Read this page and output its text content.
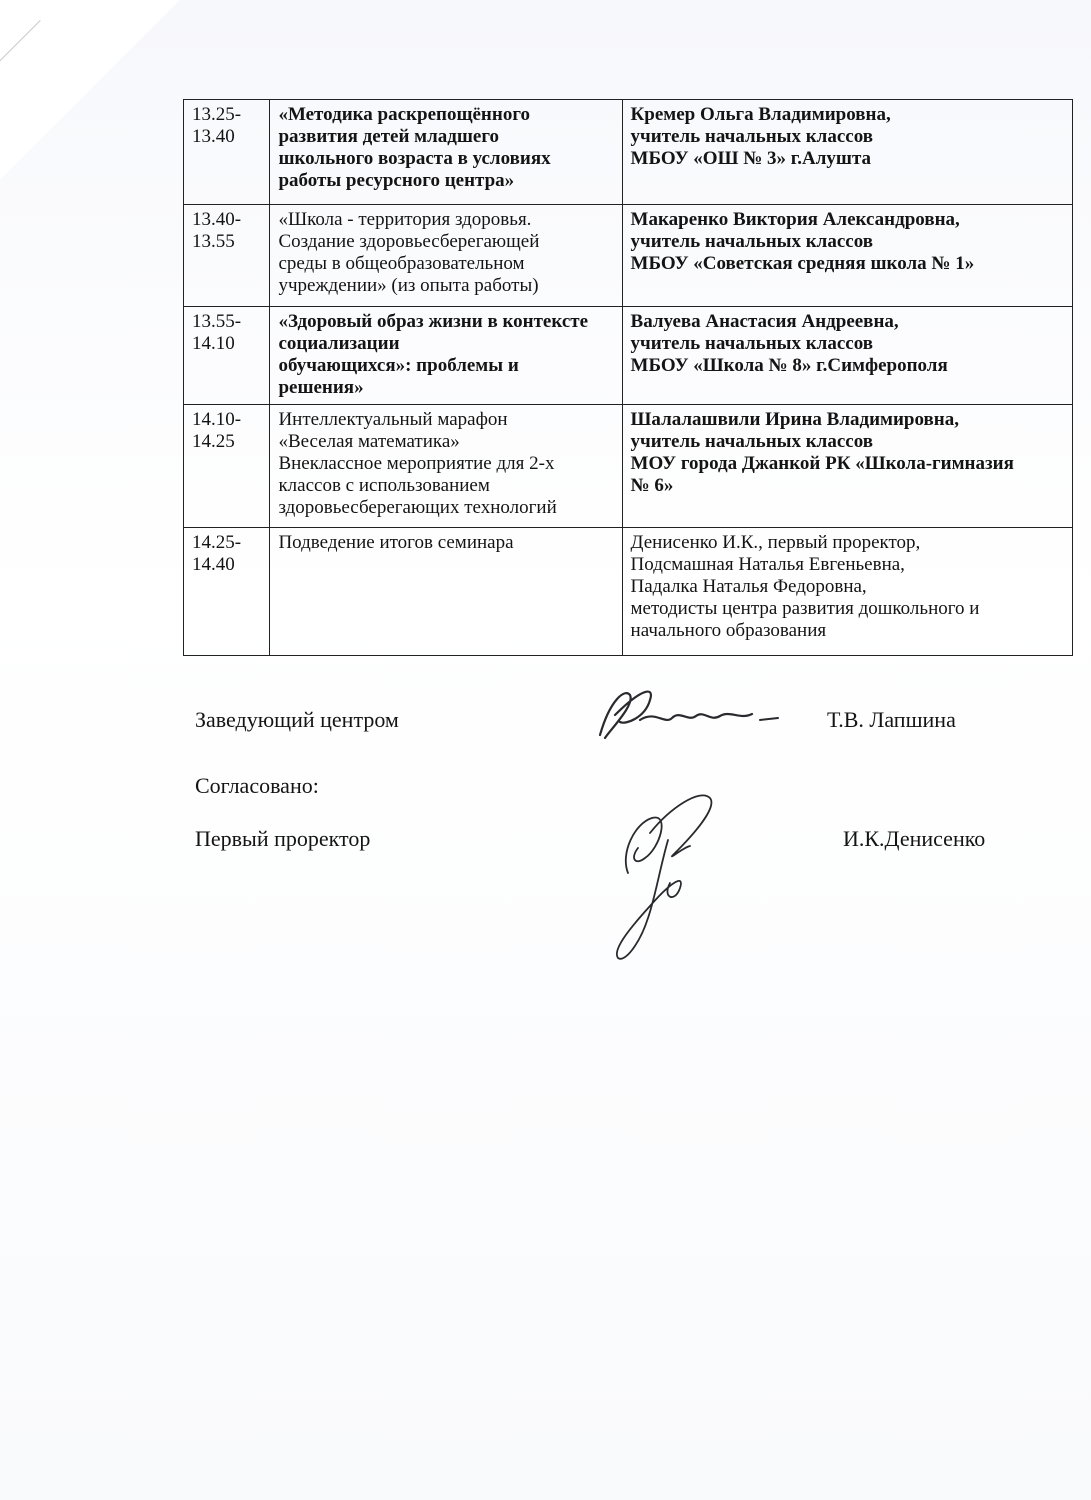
13.25-
13.40	«Методика раскрепощённого
развития детей младшего
школьного возраста в условиях
работы ресурсного центра»	Кремер Ольга Владимировна,
учитель начальных классов
МБОУ «ОШ № 3» г.Алушта

13.40-
13.55	«Школа - территория здоровья.
Создание здоровьесберегающей
среды в общеобразовательном
учреждении» (из опыта работы)	Макаренко Виктория Александровна,
учитель начальных классов
МБОУ «Советская средняя школа № 1»

13.55-
14.10	«Здоровый образ жизни в контексте
социализации
обучающихся»: проблемы и
решения»	Валуева Анастасия Андреевна,
учитель начальных классов
МБОУ «Школа № 8» г.Симферополя

14.10-
14.25	Интеллектуальный марафон
«Веселая математика»
Внеклассное мероприятие для 2-х
классов с использованием
здоровьесберегающих технологий	Шалалашвили Ирина Владимировна,
учитель начальных классов
МОУ города Джанкой РК «Школа-гимназия
№ 6»

14.25-
14.40	Подведение итогов семинара	Денисенко И.К., первый проректор,
Подсмашная Наталья Евгеньевна,
Падалка Наталья Федоровна,
методисты центра развития дошкольного и
начального образования
Заведующий центром	Т.В. Лапшина
Согласовано:
Первый проректор	И.К.Денисенко
